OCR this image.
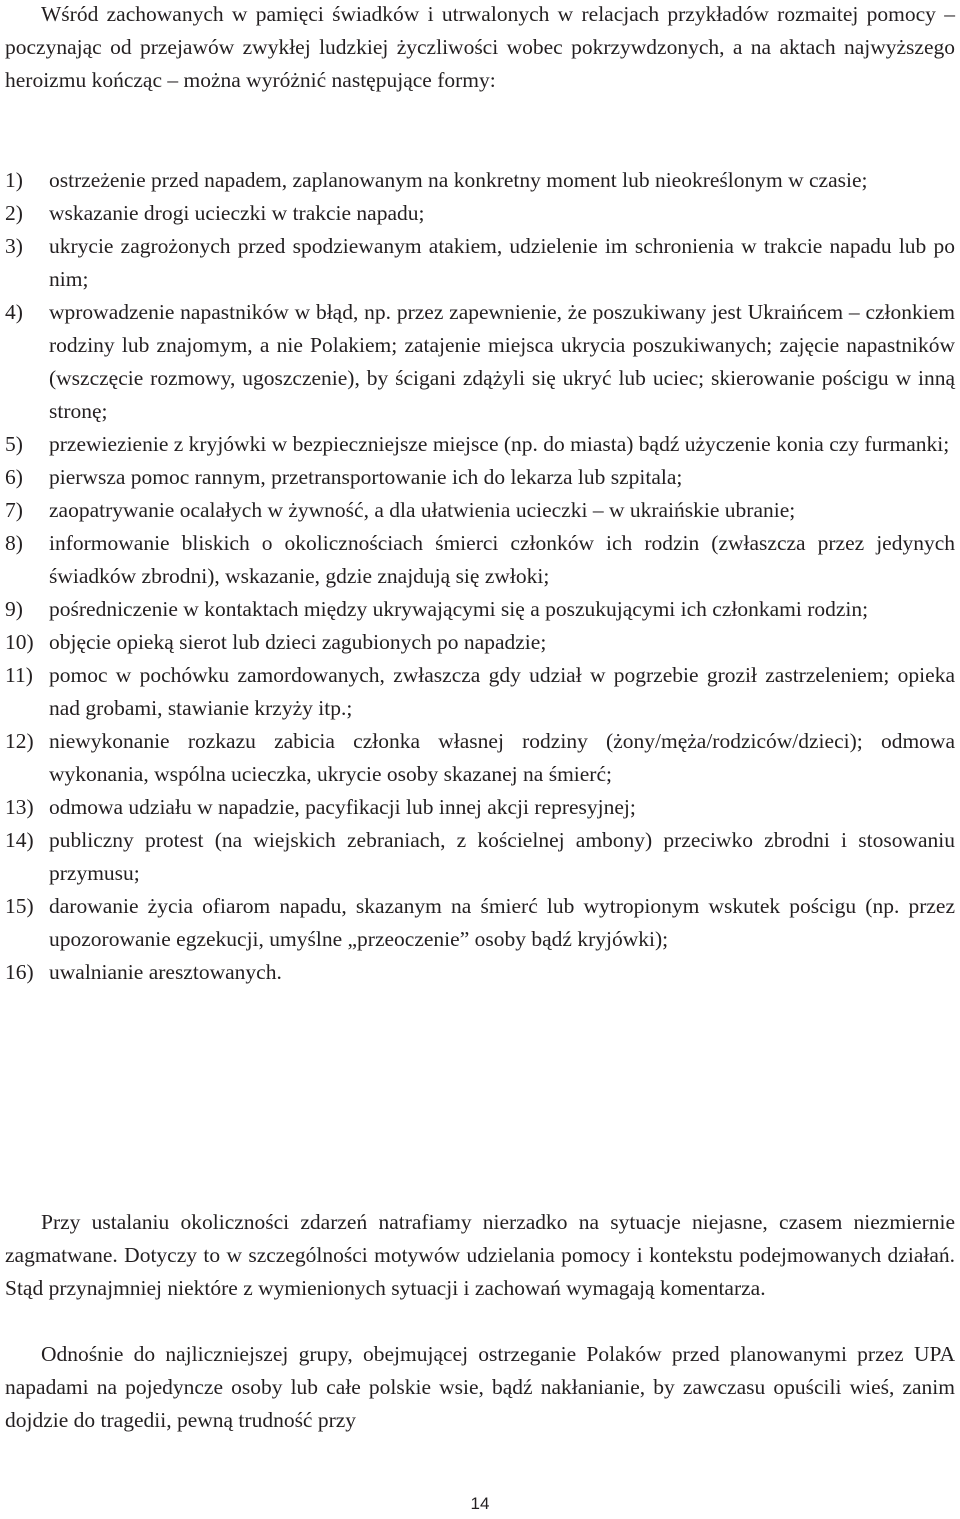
Wśród zachowanych w pamięci świadków i utrwalonych w relacjach przykładów rozmaitej pomocy – poczynając od przejawów zwykłej ludzkiej życzliwości wobec pokrzywdzonych, a na aktach najwyższego heroizmu kończąc – można wyróżnić następujące formy:

1) ostrzeżenie przed napadem, zaplanowanym na konkretny moment lub nieokreślonym w czasie;
2) wskazanie drogi ucieczki w trakcie napadu;
3) ukrycie zagrożonych przed spodziewanym atakiem, udzielenie im schronienia w trakcie napadu lub po nim;
4) wprowadzenie napastników w błąd, np. przez zapewnienie, że poszukiwany jest Ukraińcem – członkiem rodziny lub znajomym, a nie Polakiem; zatajenie miejsca ukrycia poszukiwanych; zajęcie napastników (wszczęcie rozmowy, ugoszczenie), by ścigani zdążyli się ukryć lub uciec; skierowanie pościgu w inną stronę;
5) przewiezienie z kryjówki w bezpieczniejsze miejsce (np. do miasta) bądź użyczenie konia czy furmanki;
6) pierwsza pomoc rannym, przetransportowanie ich do lekarza lub szpitala;
7) zaopatrywanie ocalałych w żywność, a dla ułatwienia ucieczki – w ukraińskie ubranie;
8) informowanie bliskich o okolicznościach śmierci członków ich rodzin (zwłaszcza przez jedynych świadków zbrodni), wskazanie, gdzie znajdują się zwłoki;
9) pośredniczenie w kontaktach między ukrywającymi się a poszukującymi ich członkami rodzin;
10) objęcie opieką sierot lub dzieci zagubionych po napadzie;
11) pomoc w pochówku zamordowanych, zwłaszcza gdy udział w pogrzebie groził zastrzeleniem; opieka nad grobami, stawianie krzyży itp.;
12) niewykonanie rozkazu zabicia członka własnej rodziny (żony/męża/rodziców/dzieci); odmowa wykonania, wspólna ucieczka, ukrycie osoby skazanej na śmierć;
13) odmowa udziału w napadzie, pacyfikacji lub innej akcji represyjnej;
14) publiczny protest (na wiejskich zebraniach, z kościelnej ambony) przeciwko zbrodni i stosowaniu przymusu;
15) darowanie życia ofiarom napadu, skazanym na śmierć lub wytropionym wskutek pościgu (np. przez upozorowanie egzekucji, umyślne „przeoczenie” osoby bądź kryjówki);
16) uwalnianie aresztowanych.

Przy ustalaniu okoliczności zdarzeń natrafiamy nierzadko na sytuacje niejasne, czasem niezmiernie zagmatwane. Dotyczy to w szczególności motywów udzielania pomocy i kontekstu podejmowanych działań. Stąd przynajmniej niektóre z wymienionych sytuacji i zachowań wymagają komentarza.

Odnośnie do najliczniejszej grupy, obejmującej ostrzeganie Polaków przed planowanymi przez UPA napadami na pojedyncze osoby lub całe polskie wsie, bądź nakłanianie, by zawczasu opuścili wieś, zanim dojdzie do tragedii, pewną trudność przy

14
